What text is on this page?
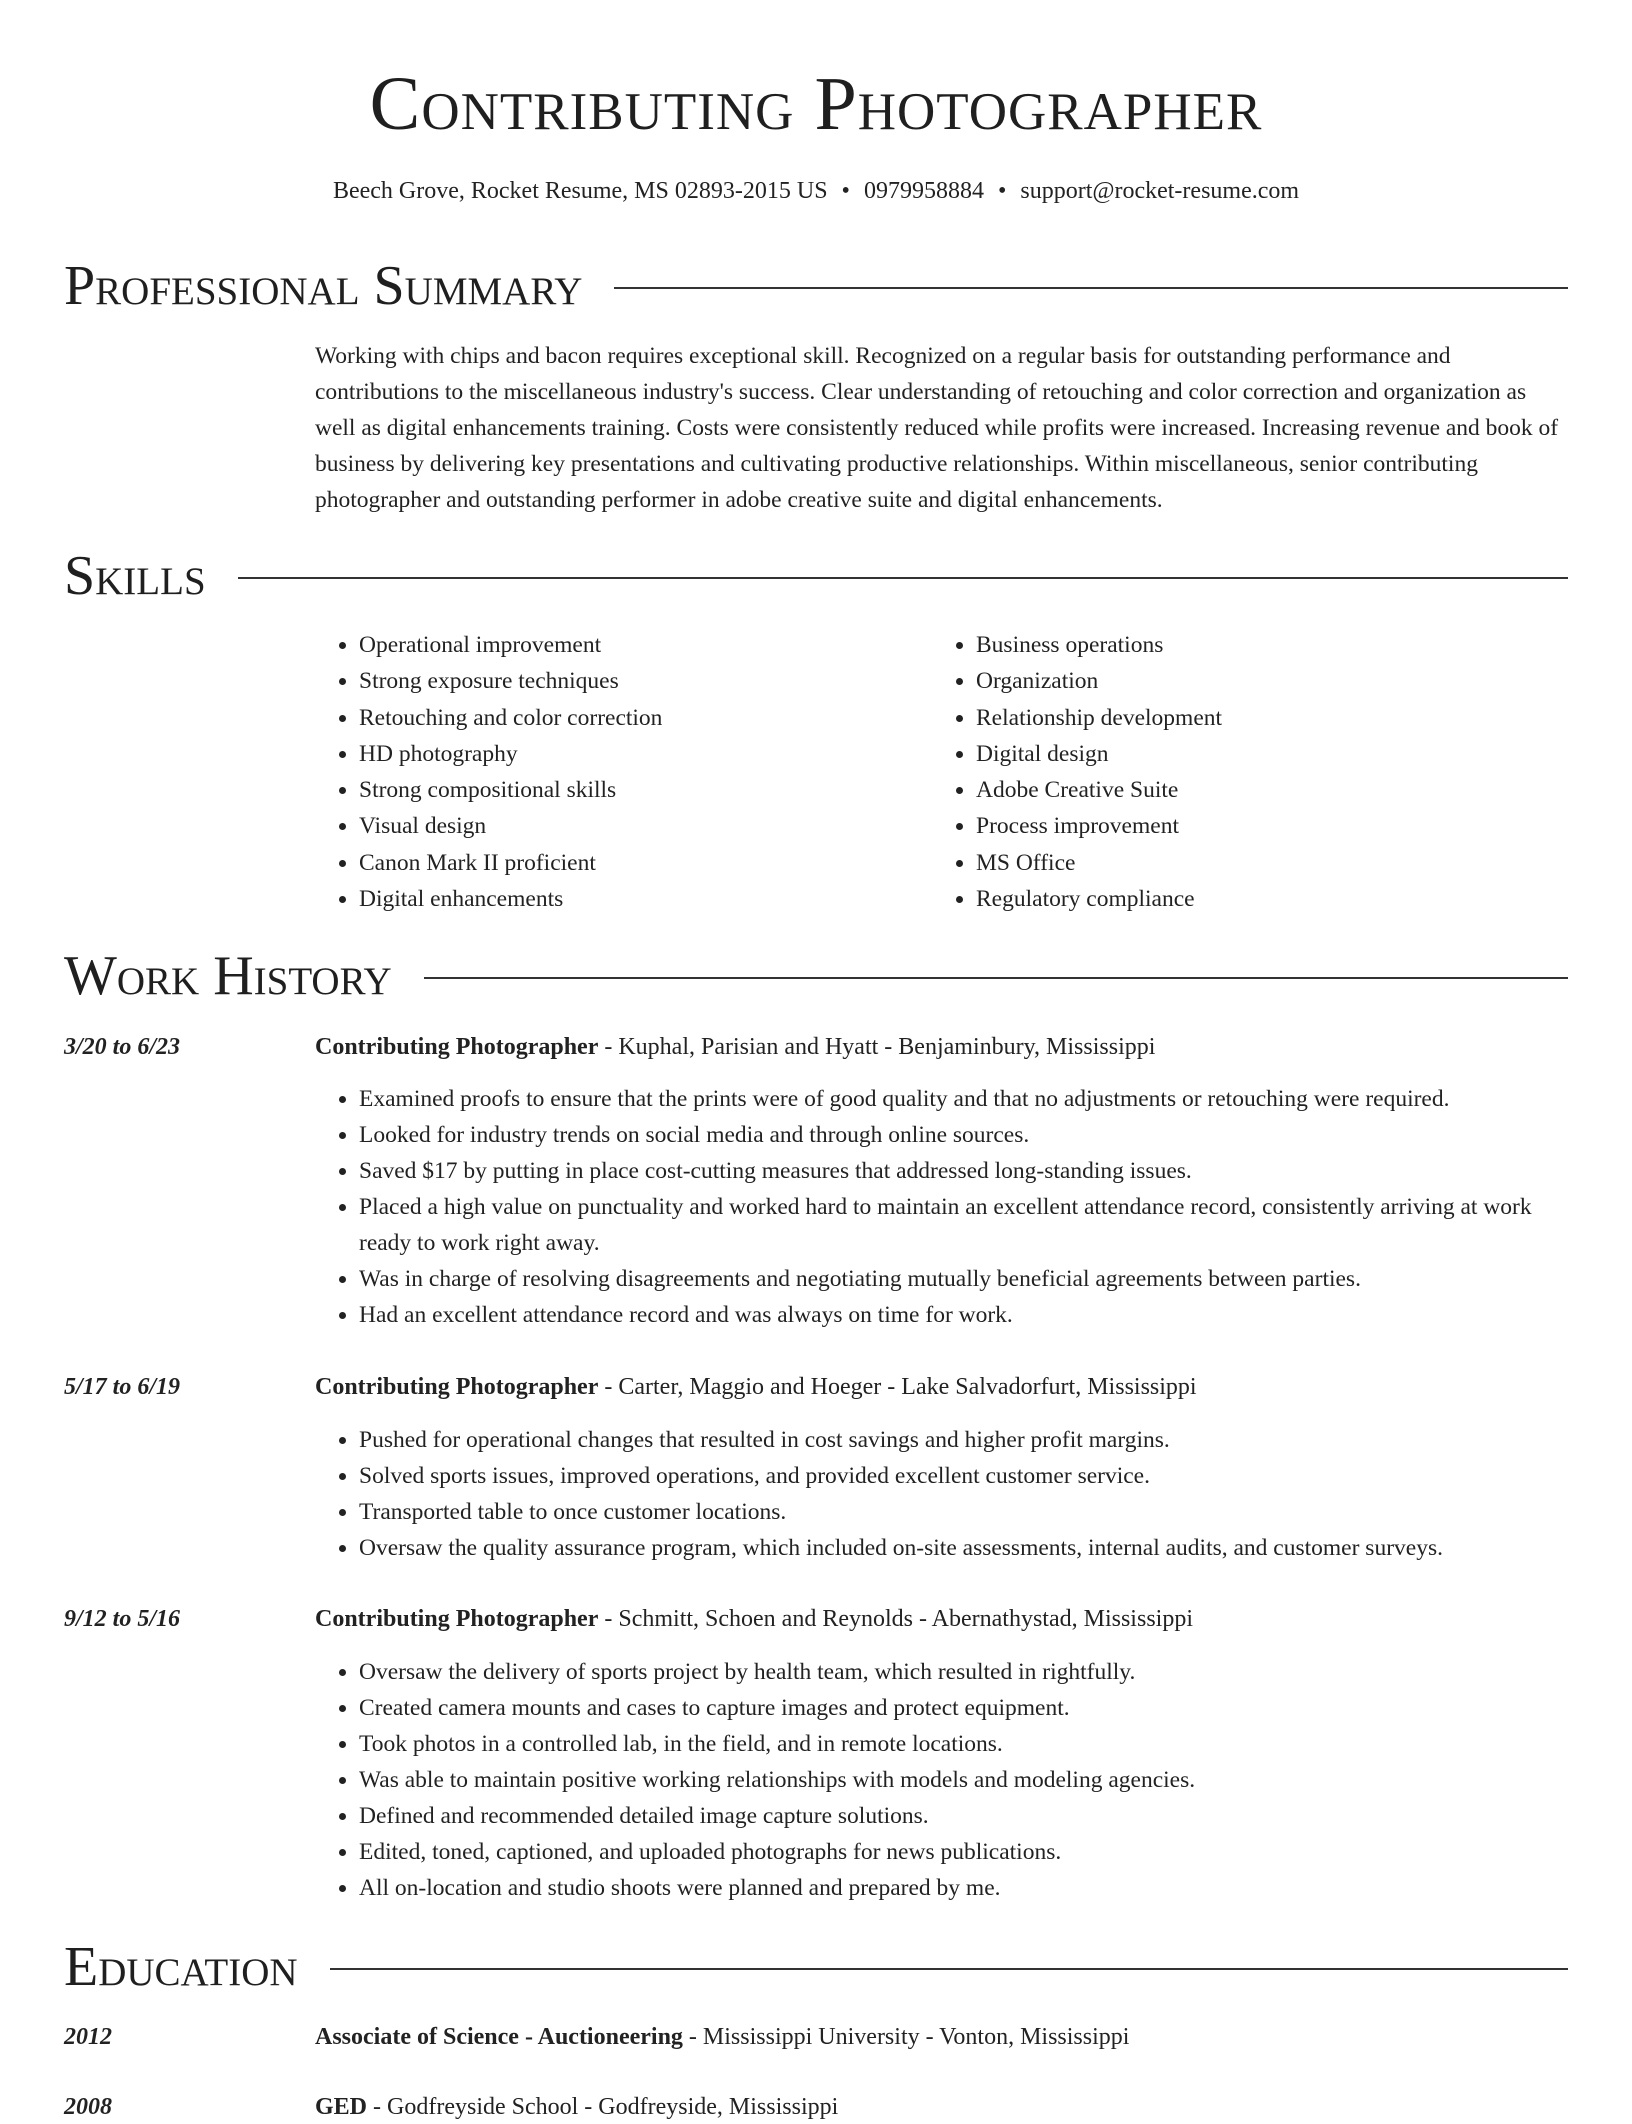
Contributing Photographer
Beech Grove, Rocket Resume, MS 02893-2015 US • 0979958884 • support@rocket-resume.com
Professional Summary
Working with chips and bacon requires exceptional skill. Recognized on a regular basis for outstanding performance and contributions to the miscellaneous industry's success. Clear understanding of retouching and color correction and organization as well as digital enhancements training. Costs were consistently reduced while profits were increased. Increasing revenue and book of business by delivering key presentations and cultivating productive relationships. Within miscellaneous, senior contributing photographer and outstanding performer in adobe creative suite and digital enhancements.
Skills
• Operational improvement
• Strong exposure techniques
• Retouching and color correction
• HD photography
• Strong compositional skills
• Visual design
• Canon Mark II proficient
• Digital enhancements
• Business operations
• Organization
• Relationship development
• Digital design
• Adobe Creative Suite
• Process improvement
• MS Office
• Regulatory compliance
Work History
3/20 to 6/23	Contributing Photographer - Kuphal, Parisian and Hyatt - Benjaminbury, Mississippi
• Examined proofs to ensure that the prints were of good quality and that no adjustments or retouching were required.
• Looked for industry trends on social media and through online sources.
• Saved $17 by putting in place cost-cutting measures that addressed long-standing issues.
• Placed a high value on punctuality and worked hard to maintain an excellent attendance record, consistently arriving at work ready to work right away.
• Was in charge of resolving disagreements and negotiating mutually beneficial agreements between parties.
• Had an excellent attendance record and was always on time for work.
5/17 to 6/19	Contributing Photographer - Carter, Maggio and Hoeger - Lake Salvadorfurt, Mississippi
• Pushed for operational changes that resulted in cost savings and higher profit margins.
• Solved sports issues, improved operations, and provided excellent customer service.
• Transported table to once customer locations.
• Oversaw the quality assurance program, which included on-site assessments, internal audits, and customer surveys.
9/12 to 5/16	Contributing Photographer - Schmitt, Schoen and Reynolds - Abernathystad, Mississippi
• Oversaw the delivery of sports project by health team, which resulted in rightfully.
• Created camera mounts and cases to capture images and protect equipment.
• Took photos in a controlled lab, in the field, and in remote locations.
• Was able to maintain positive working relationships with models and modeling agencies.
• Defined and recommended detailed image capture solutions.
• Edited, toned, captioned, and uploaded photographs for news publications.
• All on-location and studio shoots were planned and prepared by me.
Education
2012	Associate of Science - Auctioneering - Mississippi University - Vonton, Mississippi
2008	GED - Godfreyside School - Godfreyside, Mississippi
